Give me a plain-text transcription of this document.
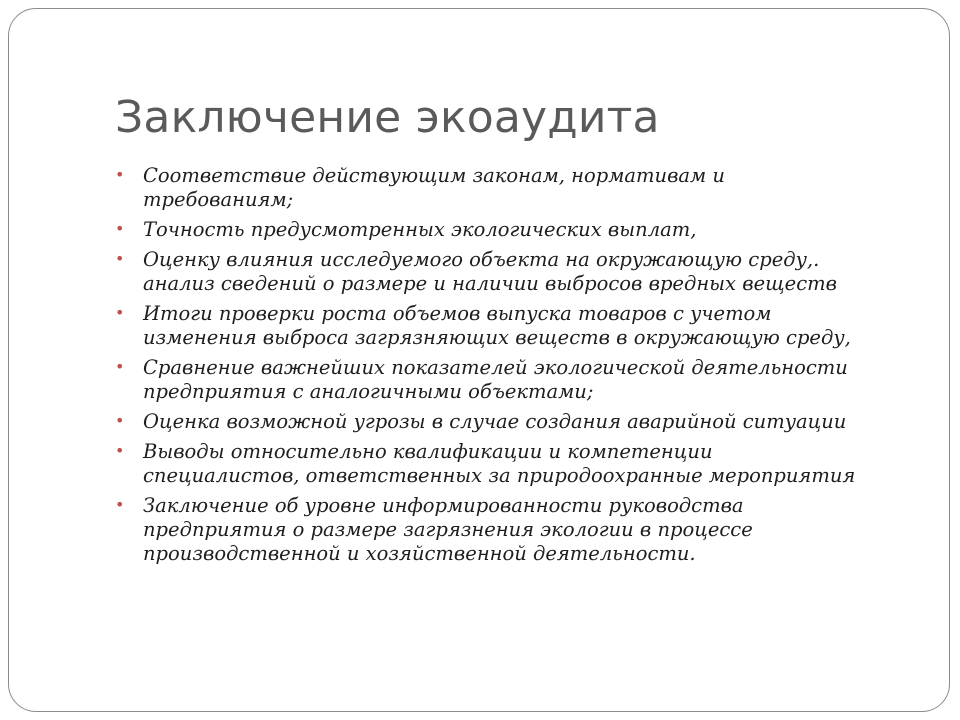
Заключение экоаудита
• Соответствие действующим законам, нормативам и требованиям;
• Точность предусмотренных экологических выплат,
• Оценку влияния исследуемого объекта на окружающую среду,. анализ сведений о размере и наличии выбросов вредных веществ
• Итоги проверки роста объемов выпуска товаров с учетом изменения выброса загрязняющих веществ в окружающую среду,
• Сравнение важнейших показателей экологической деятельности предприятия с аналогичными объектами;
• Оценка возможной угрозы в случае создания аварийной ситуации
• Выводы относительно квалификации и компетенции специалистов, ответственных за природоохранные мероприятия
• Заключение об уровне информированности руководства предприятия о размере загрязнения экологии в процессе производственной и хозяйственной деятельности.
